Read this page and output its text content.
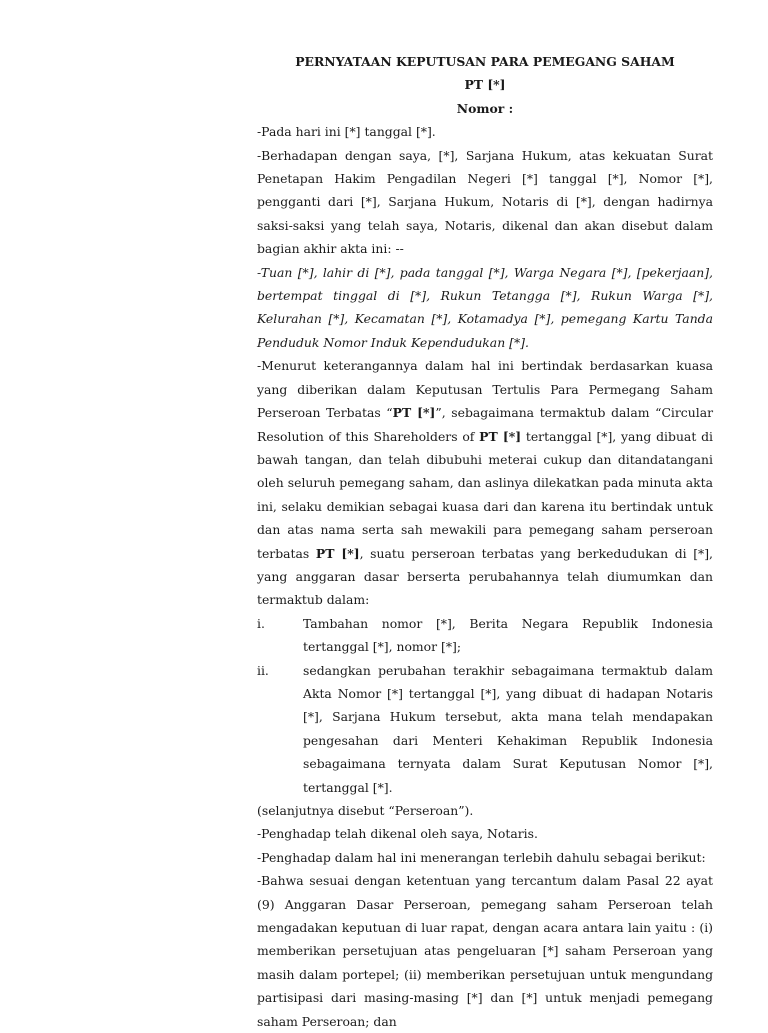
PERNYATAAN KEPUTUSAN PARA PEMEGANG SAHAM
PT [*]
Nomor :
-Pada hari ini [*] tanggal [*].
-Berhadapan dengan saya, [*], Sarjana Hukum, atas kekuatan Surat Penetapan Hakim Pengadilan Negeri [*] tanggal [*], Nomor [*], pengganti dari [*], Sarjana Hukum, Notaris di [*], dengan hadirnya saksi-saksi yang telah saya, Notaris, dikenal dan akan disebut dalam bagian akhir akta ini: --
-Tuan [*], lahir di [*], pada tanggal [*], Warga Negara [*], [pekerjaan], bertempat tinggal di [*], Rukun Tetangga [*], Rukun Warga [*], Kelurahan [*], Kecamatan [*], Kotamadya [*], pemegang Kartu Tanda Penduduk Nomor Induk Kependudukan [*].
-Menurut keterangannya dalam hal ini bertindak berdasarkan kuasa yang diberikan dalam Keputusan Tertulis Para Permegang Saham Perseroan Terbatas “PT [*]”, sebagaimana termaktub dalam “Circular Resolution of this Shareholders of PT [*] tertanggal [*], yang dibuat di bawah tangan, dan telah dibubuhi meterai cukup dan ditandatangani oleh seluruh pemegang saham, dan aslinya dilekatkan pada minuta akta ini, selaku demikian sebagai kuasa dari dan karena itu bertindak untuk dan atas nama serta sah mewakili para pemegang saham perseroan terbatas PT [*], suatu perseroan terbatas yang berkedudukan di [*], yang anggaran dasar berserta perubahannya telah diumumkan dan termaktub dalam:
i.	Tambahan nomor [*], Berita Negara Republik Indonesia tertanggal [*], nomor [*];
ii.	sedangkan perubahan terakhir sebagaimana termaktub dalam Akta Nomor [*] tertanggal [*], yang dibuat di hadapan Notaris [*], Sarjana Hukum tersebut, akta mana telah mendapakan pengesahan dari Menteri Kehakiman Republik Indonesia sebagaimana ternyata dalam Surat Keputusan Nomor [*], tertanggal [*].
(selanjutnya disebut “Perseroan”).
-Penghadap telah dikenal oleh saya, Notaris.
-Penghadap dalam hal ini menerangan terlebih dahulu sebagai berikut:
-Bahwa sesuai dengan ketentuan yang tercantum dalam Pasal 22 ayat (9) Anggaran Dasar Perseroan, pemegang saham Perseroan telah mengadakan keputuan di luar rapat, dengan acara antara lain yaitu : (i) memberikan persetujuan atas pengeluaran [*] saham Perseroan yang masih dalam portepel; (ii) memberikan persetujuan untuk mengundang partisipasi dari masing-masing [*] dan [*] untuk menjadi pemegang saham Perseroan; dan
